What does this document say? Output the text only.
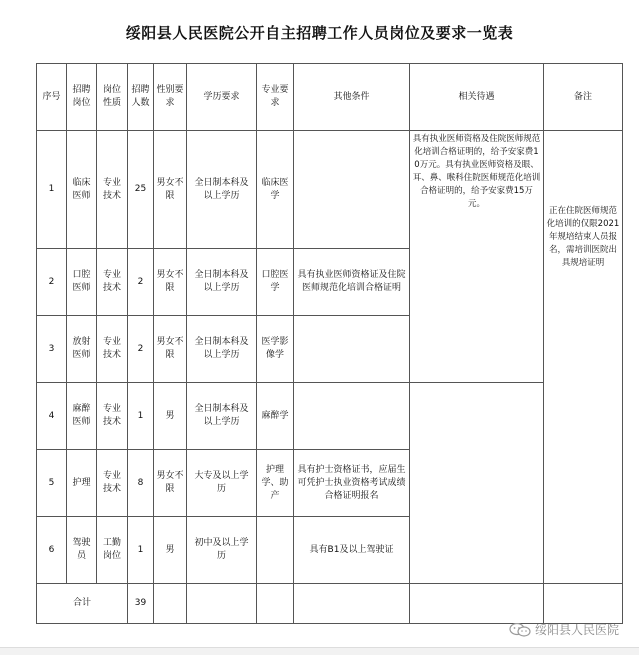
绥阳县人民医院公开自主招聘工作人员岗位及要求一览表
序号	招聘岗位	岗位性质	招聘人数	性别要求	学历要求	专业要求	其他条件	相关待遇	备注
1	临床医师	专业技术	25	男女不限	全日制本科及以上学历	临床医学		具有执业医师资格及住院医师规范化培训合格证明的，给予安家费10万元。具有执业医师资格及眼、耳、鼻、喉科住院医师规范化培训合格证明的，给予安家费15万元。	正在住院医师规范化培训的仅限2021年规培结束人员报名，需培训医院出具规培证明
2	口腔医师	专业技术	2	男女不限	全日制本科及以上学历	口腔医学	具有执业医师资格证及住院医师规范化培训合格证明		
3	放射医师	专业技术	2	男女不限	全日制本科及以上学历	医学影像学			
4	麻醉医师	专业技术	1	男	全日制本科及以上学历	麻醉学			
5	护理	专业技术	8	男女不限	大专及以上学历	护理学、助产	具有护士资格证书，应届生可凭护士执业资格考试成绩合格证明报名		
6	驾驶员	工勤岗位	1	男	初中及以上学历		具有B1及以上驾驶证		
合计			39						
绥阳县人民医院
